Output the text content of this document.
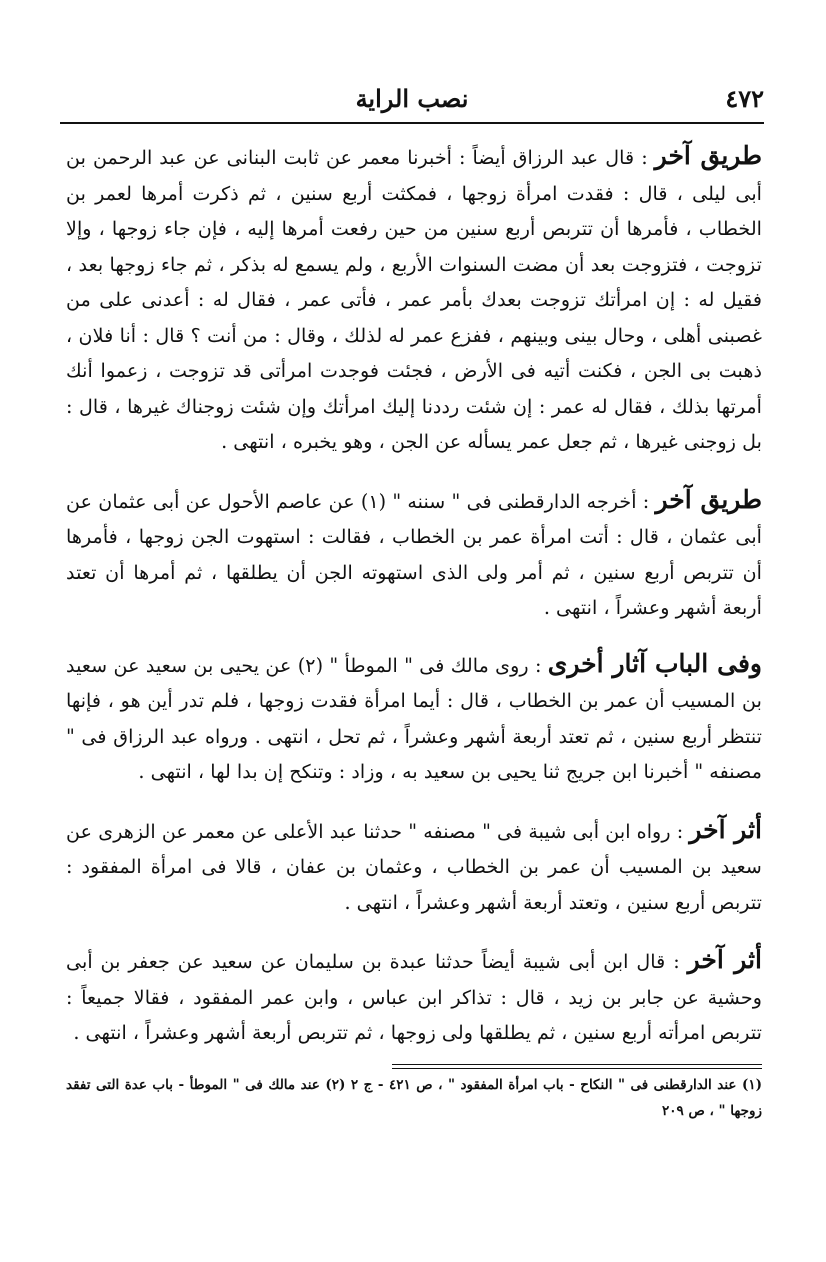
٤٧٢
نصب الراية

طريق آخر : قال عبد الرزاق أيضاً : أخبرنا معمر عن ثابت البنانى عن عبد الرحمن بن أبى ليلى ، قال : فقدت امرأة زوجها ، فمكثت أربع سنين ، ثم ذكرت أمرها لعمر بن الخطاب ، فأمرها أن تتربص أربع سنين من حين رفعت أمرها إليه ، فإن جاء زوجها ، وإلا تزوجت ، فتزوجت بعد أن مضت السنوات الأربع ، ولم يسمع له بذكر ، ثم جاء زوجها بعد ، فقيل له : إن امرأتك تزوجت بعدك بأمر عمر ، فأتى عمر ، فقال له : أعدنى على من غصبنى أهلى ، وحال بينى وبينهم ، ففزع عمر له لذلك ، وقال : من أنت ؟ قال : أنا فلان ، ذهبت بى الجن ، فكنت أتيه فى الأرض ، فجئت فوجدت امرأتى قد تزوجت ، زعموا أنك أمرتها بذلك ، فقال له عمر : إن شئت رددنا إليك امرأتك وإن شئت زوجناك غيرها ، قال : بل زوجنى غيرها ، ثم جعل عمر يسأله عن الجن ، وهو يخبره ، انتهى .

طريق آخر : أخرجه الدارقطنى فى " سننه " (١) عن عاصم الأحول عن أبى عثمان عن أبى عثمان ، قال : أتت امرأة عمر بن الخطاب ، فقالت : استهوت الجن زوجها ، فأمرها أن تتربص أربع سنين ، ثم أمر ولى الذى استهوته الجن أن يطلقها ، ثم أمرها أن تعتد أربعة أشهر وعشراً ، انتهى .

وفى الباب آثار أخرى : روى مالك فى " الموطأ " (٢) عن يحيى بن سعيد عن سعيد بن المسيب أن عمر بن الخطاب ، قال : أيما امرأة فقدت زوجها ، فلم تدر أين هو ، فإنها تنتظر أربع سنين ، ثم تعتد أربعة أشهر وعشراً ، ثم تحل ، انتهى . ورواه عبد الرزاق فى " مصنفه " أخبرنا ابن جريج ثنا يحيى بن سعيد به ، وزاد : وتنكح إن بدا لها ، انتهى .

أثر آخر : رواه ابن أبى شيبة فى " مصنفه " حدثنا عبد الأعلى عن معمر عن الزهرى عن سعيد بن المسيب أن عمر بن الخطاب ، وعثمان بن عفان ، قالا فى امرأة المفقود : تتربص أربع سنين ، وتعتد أربعة أشهر وعشراً ، انتهى .

أثر آخر : قال ابن أبى شيبة أيضاً حدثنا عبدة بن سليمان عن سعيد عن جعفر بن أبى وحشية عن جابر بن زيد ، قال : تذاكر ابن عباس ، وابن عمر المفقود ، فقالا جميعاً : تتربص امرأته أربع سنين ، ثم يطلقها ولى زوجها ، ثم تتربص أربعة أشهر وعشراً ، انتهى .

(١) عند الدارقطنى فى " النكاح - باب امرأة المفقود " ، ص ٤٢١ - ج ٢ (٢) عند مالك فى " الموطأ - باب عدة التى تفقد زوجها " ، ص ٢٠٩
